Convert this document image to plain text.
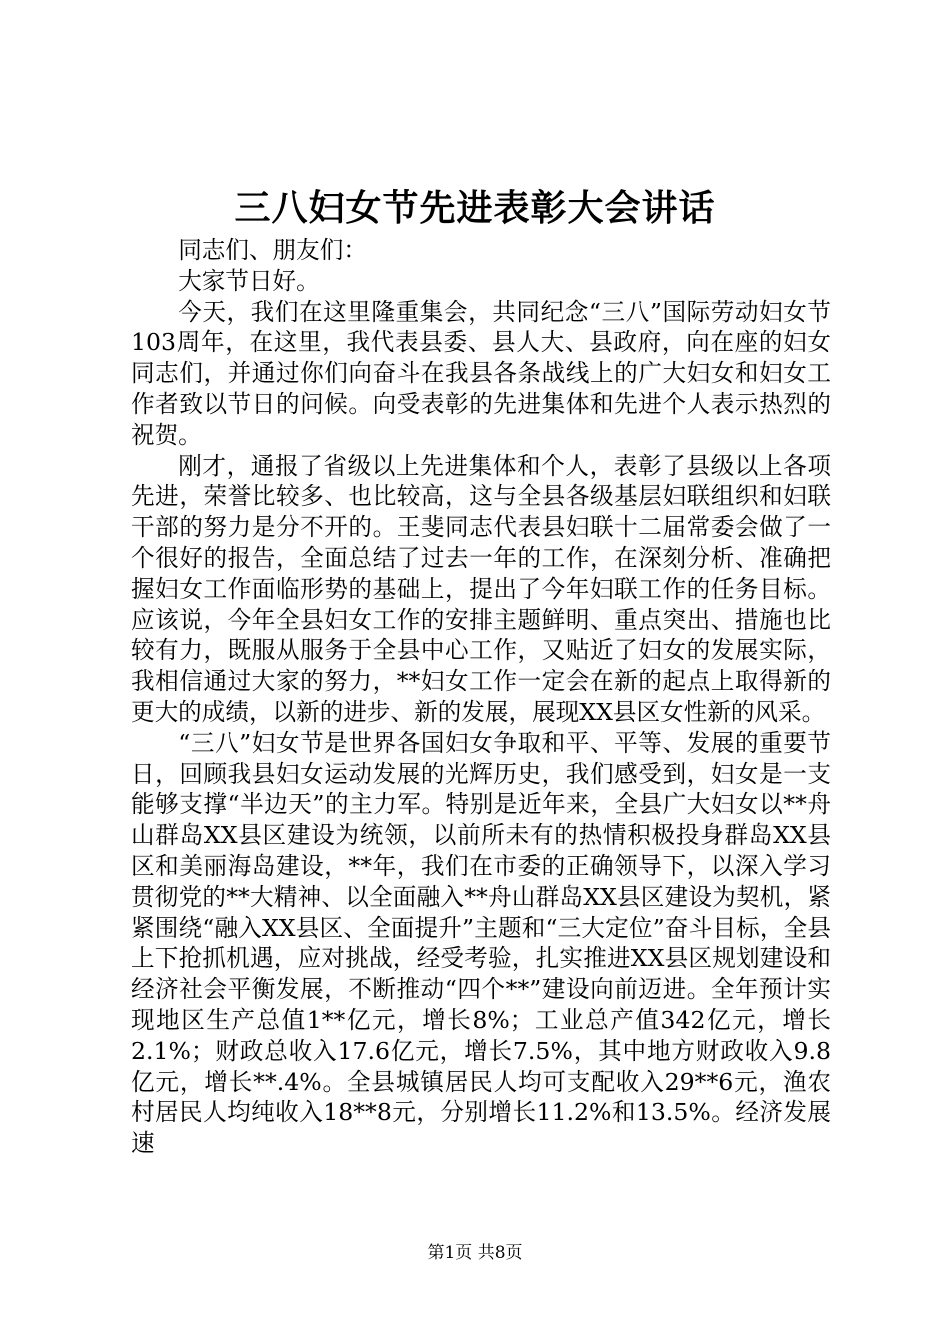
三八妇女节先进表彰大会讲话

同志们、朋友们：

大家节日好。

今天，我们在这里隆重集会，共同纪念“三八”国际劳动妇女节103周年，在这里，我代表县委、县人大、县政府，向在座的妇女同志们，并通过你们向奋斗在我县各条战线上的广大妇女和妇女工作者致以节日的问候。向受表彰的先进集体和先进个人表示热烈的祝贺。

刚才，通报了省级以上先进集体和个人，表彰了县级以上各项先进，荣誉比较多、也比较高，这与全县各级基层妇联组织和妇联干部的努力是分不开的。王斐同志代表县妇联十二届常委会做了一个很好的报告，全面总结了过去一年的工作，在深刻分析、准确把握妇女工作面临形势的基础上，提出了今年妇联工作的任务目标。应该说，今年全县妇女工作的安排主题鲜明、重点突出、措施也比较有力，既服从服务于全县中心工作，又贴近了妇女的发展实际，我相信通过大家的努力，**妇女工作一定会在新的起点上取得新的更大的成绩，以新的进步、新的发展，展现XX县区女性新的风采。

“三八”妇女节是世界各国妇女争取和平、平等、发展的重要节日，回顾我县妇女运动发展的光辉历史，我们感受到，妇女是一支能够支撑“半边天”的主力军。特别是近年来，全县广大妇女以**舟山群岛XX县区建设为统领，以前所未有的热情积极投身群岛XX县区和美丽海岛建设，**年，我们在市委的正确领导下，以深入学习贯彻党的**大精神、以全面融入**舟山群岛XX县区建设为契机，紧紧围绕“融入XX县区、全面提升”主题和“三大定位”奋斗目标，全县上下抢抓机遇，应对挑战，经受考验，扎实推进XX县区规划建设和经济社会平衡发展，不断推动“四个**”建设向前迈进。全年预计实现地区生产总值1**亿元，增长8%；工业总产值342亿元，增长2.1%；财政总收入17.6亿元，增长7.5%，其中地方财政收入9.8亿元，增长**.4%。全县城镇居民人均可支配收入29**6元，渔农村居民人均纯收入18**8元，分别增长11.2%和13.5%。经济发展速

第1页 共8页
